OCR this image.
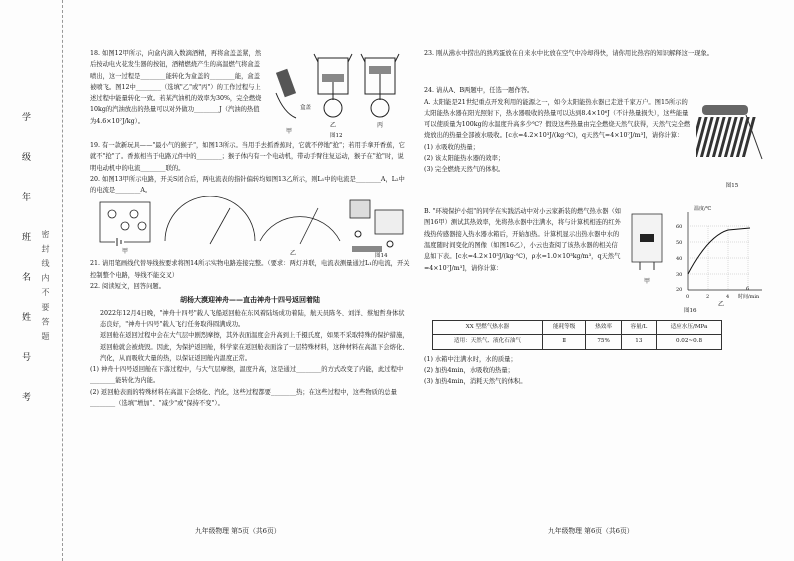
密 封 线 内 不 要 答 题
学
级
年
班
名
姓
号
考

18. 如图12甲所示，向盒内滴入数滴酒精，再将盒盖盖紧，然后按动电火花发生器的按钮，酒精燃烧产生的高温燃气将盒盖喷出，这一过程是________能转化为盒盖的________能，盒盖被喷飞。图12中________（选填"乙"或"丙"）的工作过程与上述过程中能量转化一致。若某汽油机的效率为30%，完全燃烧10kg的汽油放出的热量可以对外做功________J（汽油的热值为4.6×10⁷J/kg）。

盒盖
甲
乙	丙
图12

19. 有一款新玩具——"最小气的猴子"，如图13所示。当用手去抓香蕉时，它就不停地"抢"；若用手拿开香蕉，它就不"抢"了。香蕉相当于电路元件中的________；猴子体内有一个电动机，带动手臂往复运动，猴子在"抢"时，说明电动机中的电流________联的。

20. 如图13甲所示电路，开关S闭合后，两电流表的指针偏转均如图13乙所示，则L₁中的电流是________A，L₂中的电流是________A。

甲	乙	图14

21. 请用笔画线代替导线按要求将图14所示实物电路连接完整。（要求：两灯并联，电流表测量通过L₁的电流，开关控制整个电路，导线不能交叉）

22. 阅读短文，回答问题。

胡杨大漠迎神舟——直击神舟十四号返回着陆

2022年12月4日晚，"神舟十四号"载人飞船返回舱在东风着陆场成功着陆，航天员陈冬、刘洋、蔡旭哲身体状态良好，"神舟十四号"载人飞行任务取得圆满成功。

返回舱在返回过程中会在大气层中剧烈摩擦，其外表面温度会升高到上千摄氏度，如果不采取特殊的保护措施，返回舱就会被烧毁。因此，为保护返回舱，科学家在返回舱表面涂了一层特殊材料，这种材料在高温下会熔化、汽化，从而吸收大量的热，以保证返回舱内温度正常。

(1) 神舟十四号返回舱在下落过程中，与大气层摩擦，温度升高，这是通过________的方式改变了内能，此过程中________能转化为内能。

(2) 返回舱表面的特殊材料在高温下会熔化、汽化，这些过程都要________热；在这些过程中，这些物质的总量________（选填"增加"、"减少"或"保持不变"）。

九年级物理 第5页（共6页）

23. 刚从沸水中捞出的熟鸡蛋放在自来水中比放在空气中冷却得快，请你用比热容的知识解释这一现象。

24. 请从A、B两题中，任选一题作答。

A. 太阳能是21世纪重点开发利用的能源之一，如今太阳能热水器已走进千家万户。图15所示的太阳能热水器在阳光照射下，热水器吸收的热量可以达到8.4×10⁶J（不计热量损失），这些能量可以使质量为100kg的水温度升高多少℃？假设这些热量由完全燃烧天然气获得，天然气完全燃烧放出的热量全部被水吸收。[c水=4.2×10³J/(kg·℃)，q天然气=4×10⁷J/m³]，请你计算：

(1) 水吸收的热量；
(2) 该太阳能热水器的效率；
(3) 完全燃烧天然气的体积。
图15

B. "环境保护小组"的同学在实践活动中对小云家新装的燃气热水器（如图16甲）测试其热效率，先将热水器中注满水，将与计算机相连的红外线热传感器接入热水器水箱后，开始加热。计算机显示出热水器中水的温度随时间变化的图像（如图16乙），小云也查阅了该热水器的相关信息如下表。[c水=4.2×10³J/(kg·℃)，ρ水=1.0×10³kg/m³，q天然气=4×10⁷J/m³]，请你计算：

温度/℃
时间/min
60
50
40
30
20
0	2	4
6
甲
乙
图16
XX 型燃气热水器	能耗等级	热效率	容量/L	适应水压/MPa
适用：天然气、液化石油气	Ⅱ	75%	13	0.02~0.8
(1) 水箱中注满水时，水的质量；
(2) 加热4min，水吸收的热量；
(3) 加热4min，消耗天然气的体积。
九年级物理 第6页（共6页）
